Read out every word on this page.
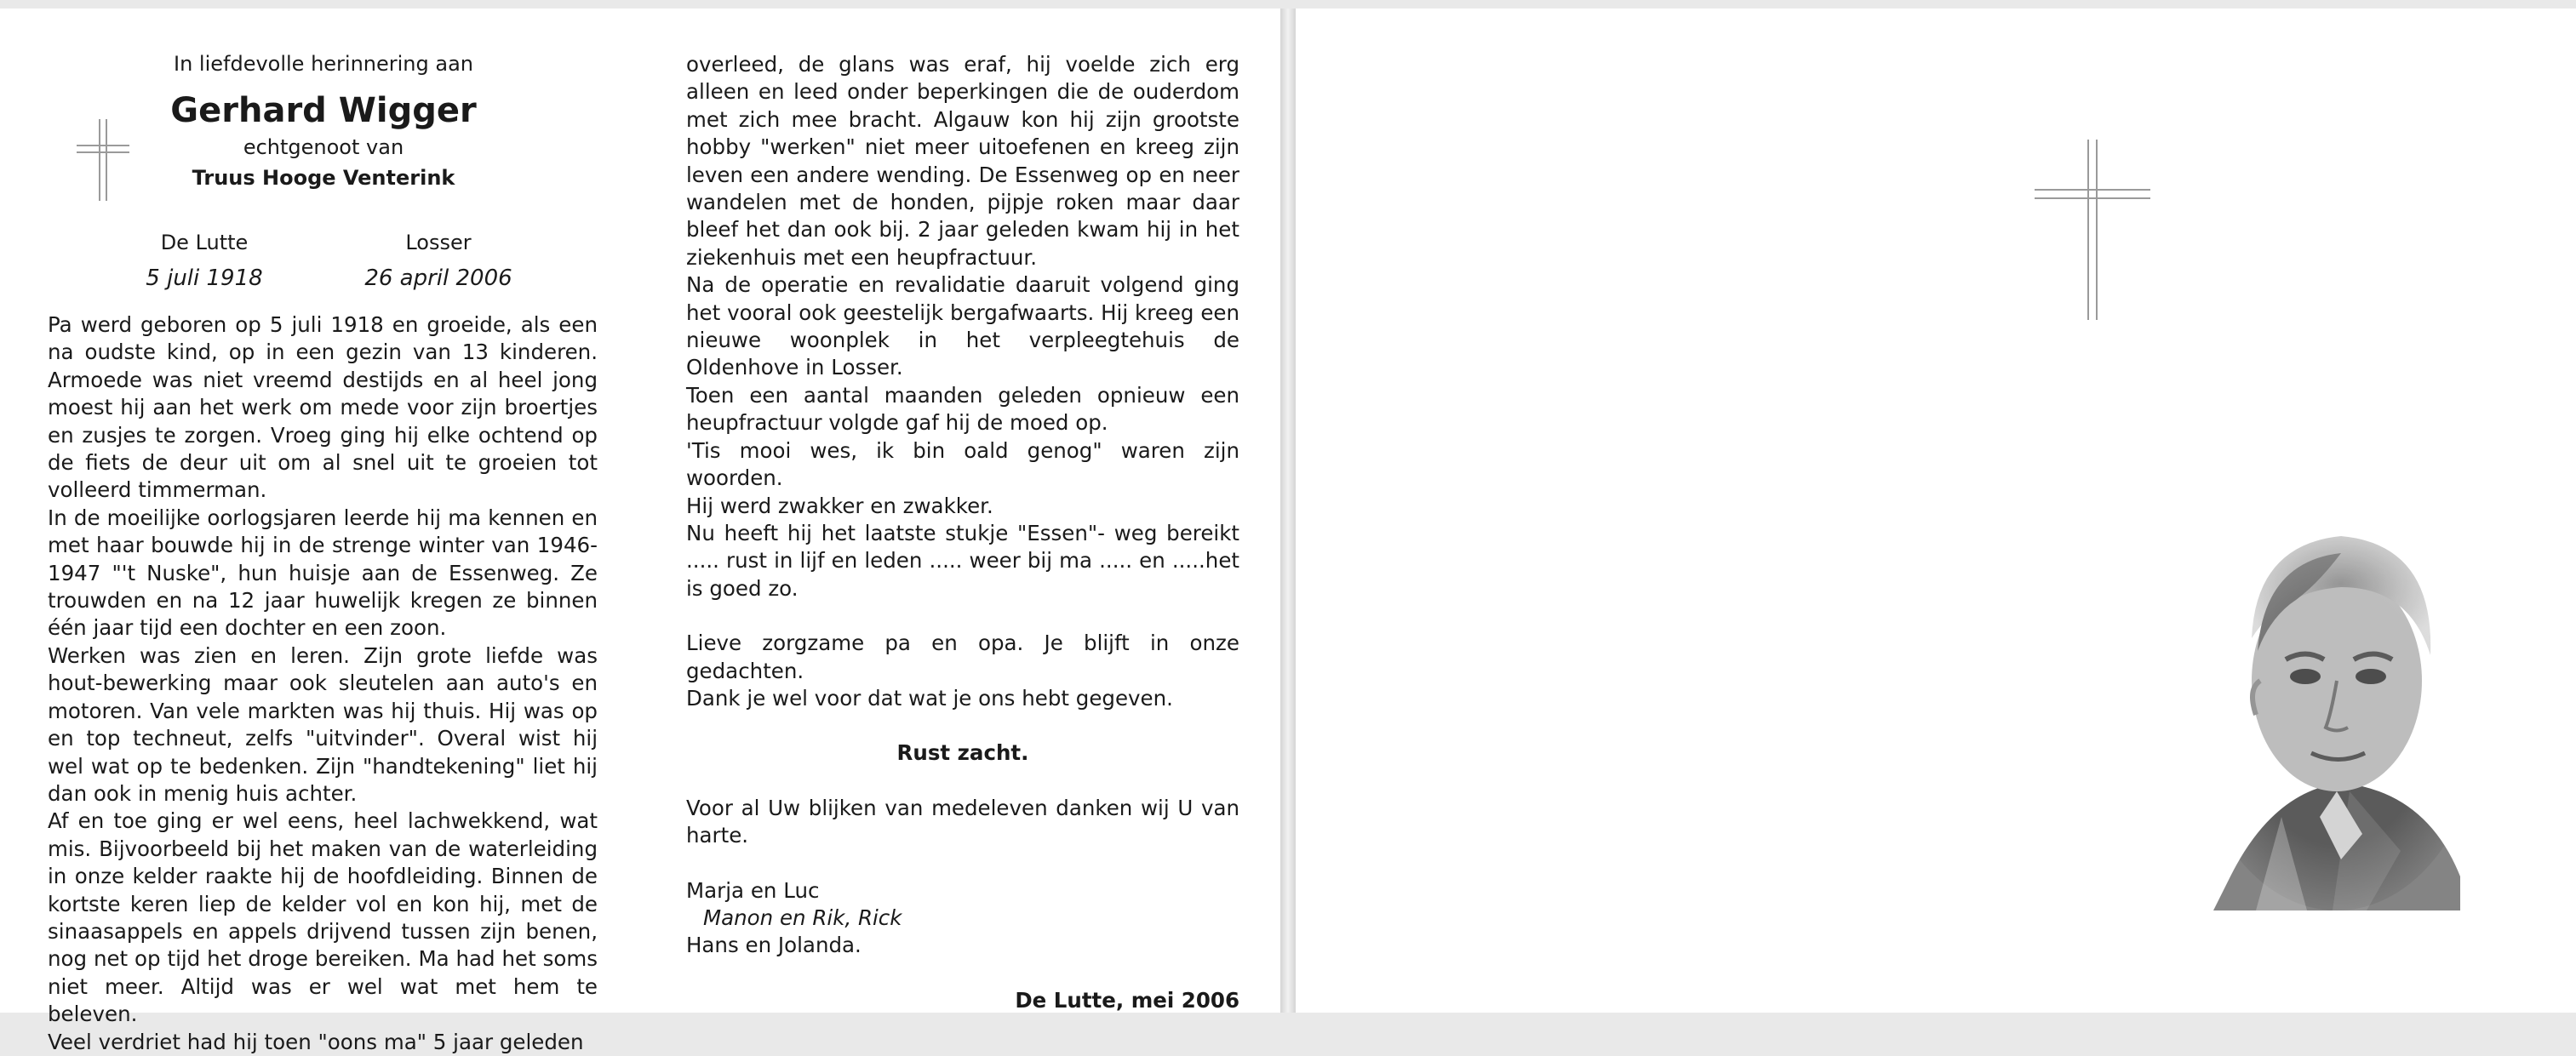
In liefdevolle herinnering aan
Gerhard Wigger
echtgenoot van
Truus Hooge Venterink
De Lutte
5 juli 1918
Losser
26 april 2006

Pa werd geboren op 5 juli 1918 en groeide, als een na oudste kind, op in een gezin van 13 kinderen. Armoede was niet vreemd destijds en al heel jong moest hij aan het werk om mede voor zijn broertjes en zusjes te zorgen. Vroeg ging hij elke ochtend op de fiets de deur uit om al snel uit te groeien tot volleerd timmerman.

In de moeilijke oorlogsjaren leerde hij ma kennen en met haar bouwde hij in de strenge winter van 1946-1947 "'t Nuske", hun huisje aan de Essenweg. Ze trouwden en na 12 jaar huwelijk kregen ze binnen één jaar tijd een dochter en een zoon.

Werken was zien en leren. Zijn grote liefde was hout-bewerking maar ook sleutelen aan auto's en motoren. Van vele markten was hij thuis. Hij was op en top techneut, zelfs "uitvinder". Overal wist hij wel wat op te bedenken. Zijn "handtekening" liet hij dan ook in menig huis achter.

Af en toe ging er wel eens, heel lachwekkend, wat mis. Bijvoorbeeld bij het maken van de waterleiding in onze kelder raakte hij de hoofdleiding. Binnen de kortste keren liep de kelder vol en kon hij, met de sinaasappels en appels drijvend tussen zijn benen, nog net op tijd het droge bereiken. Ma had het soms niet meer. Altijd was er wel wat met hem te beleven.

Veel verdriet had hij toen "oons ma" 5 jaar geleden

overleed, de glans was eraf, hij voelde zich erg alleen en leed onder beperkingen die de ouderdom met zich mee bracht. Algauw kon hij zijn grootste hobby "werken" niet meer uitoefenen en kreeg zijn leven een andere wending. De Essenweg op en neer wandelen met de honden, pijpje roken maar daar bleef het dan ook bij. 2 jaar geleden kwam hij in het ziekenhuis met een heupfractuur.

Na de operatie en revalidatie daaruit volgend ging het vooral ook geestelijk bergafwaarts. Hij kreeg een nieuwe woonplek in het verpleegtehuis de Oldenhove in Losser.

Toen een aantal maanden geleden opnieuw een heupfractuur volgde gaf hij de moed op.

'Tis mooi wes, ik bin oald genog" waren zijn woorden.

Hij werd zwakker en zwakker.

Nu heeft hij het laatste stukje "Essen"- weg bereikt ..... rust in lijf en leden ..... weer bij ma ..... en .....het is goed zo.

Lieve zorgzame pa en opa. Je blijft in onze gedachten.

Dank je wel voor dat wat je ons hebt gegeven.

Rust zacht.

Voor al Uw blijken van medeleven danken wij U van harte.

Marja en Luc

Manon en Rik, Rick

Hans en Jolanda.

De Lutte, mei 2006
